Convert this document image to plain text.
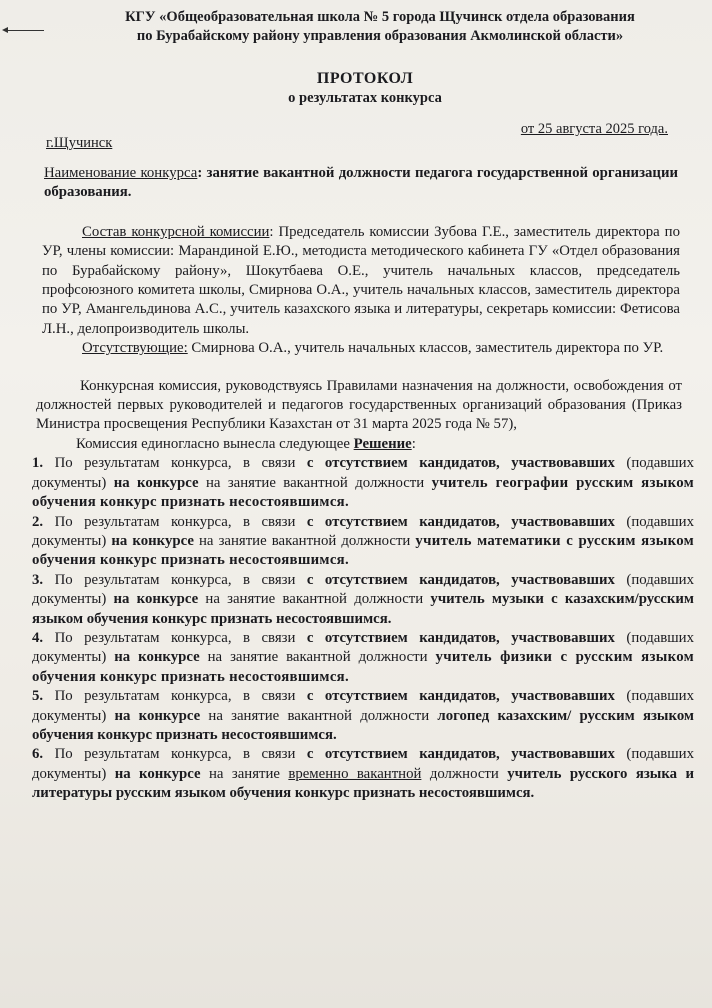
КГУ «Общеобразовательная школа № 5 города Щучинск отдела образования
по Бурабайскому району управления образования Акмолинской области»
ПРОТОКОЛ
о результатах конкурса
г.Щучинск
от 25 августа 2025 года.

Наименование конкурса: занятие вакантной должности педагога государственной организации образования.

Состав конкурсной комиссии: Председатель комиссии Зубова Г.Е., заместитель директора по УР, члены комиссии: Марандиной Е.Ю., методиста методического кабинета ГУ «Отдел образования по Бурабайскому району», Шокутбаева О.Е., учитель начальных классов, председатель профсоюзного комитета школы, Смирнова О.А., учитель начальных классов, заместитель директора по УР, Амангельдинова А.С., учитель казахского языка и литературы, секретарь комиссии: Фетисова Л.Н., делопроизводитель школы.

Отсутствующие: Смирнова О.А., учитель начальных классов, заместитель директора по УР.

Конкурсная комиссия, руководствуясь Правилами назначения на должности, освобождения от должностей первых руководителей и педагогов государственных организаций образования (Приказ Министра просвещения Республики Казахстан от 31 марта 2025 года № 57),

Комиссия единогласно вынесла следующее Решение:

1. По результатам конкурса, в связи с отсутствием кандидатов, участвовавших (подавших документы) на конкурсе на занятие вакантной должности учитель географии русским языком обучения конкурс признать несостоявшимся.

2. По результатам конкурса, в связи с отсутствием кандидатов, участвовавших (подавших документы) на конкурсе на занятие вакантной должности учитель математики с русским языком обучения конкурс признать несостоявшимся.

3. По результатам конкурса, в связи с отсутствием кандидатов, участвовавших (подавших документы) на конкурсе на занятие вакантной должности учитель музыки с казахским/русским языком обучения конкурс признать несостоявшимся.

4. По результатам конкурса, в связи с отсутствием кандидатов, участвовавших (подавших документы) на конкурсе на занятие вакантной должности учитель физики с русским языком обучения конкурс признать несостоявшимся.

5. По результатам конкурса, в связи с отсутствием кандидатов, участвовавших (подавших документы) на конкурсе на занятие вакантной должности логопед казахским/ русским языком обучения конкурс признать несостоявшимся.

6. По результатам конкурса, в связи с отсутствием кандидатов, участвовавших (подавших документы) на конкурсе на занятие временно вакантной должности учитель русского языка и литературы русским языком обучения конкурс признать несостоявшимся.
